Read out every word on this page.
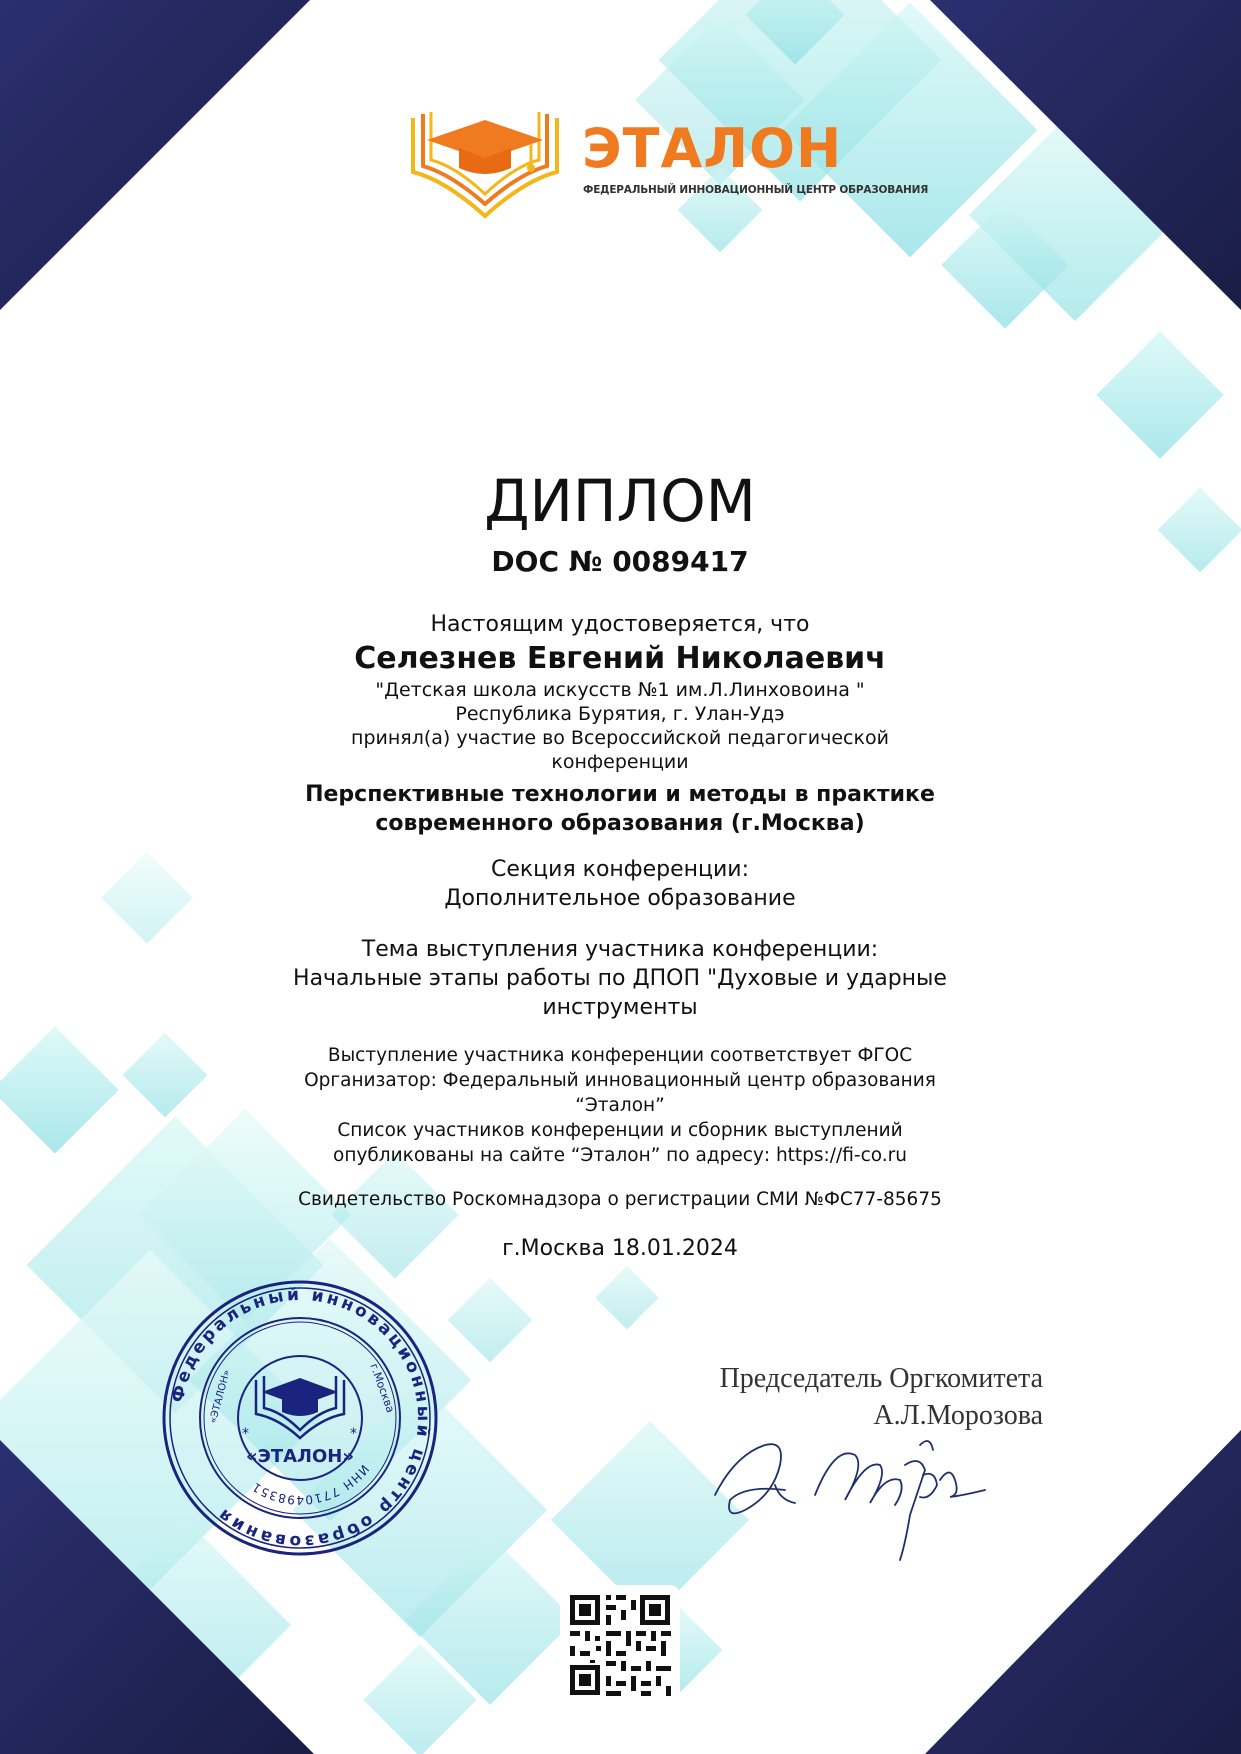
ЭТАЛОН
ФЕДЕРАЛЬНЫЙ ИННОВАЦИОННЫЙ ЦЕНТР ОБРАЗОВАНИЯ
ДИПЛОМ
DOC № 0089417
Настоящим удостоверяется, что
Селезнев Евгений Николаевич
"Детская школа искусств №1 им.Л.Линховоина "
Республика Бурятия, г. Улан-Удэ
принял(а) участие во Всероссийской педагогической
конференции
Перспективные технологии и методы в практике
современного образования (г.Москва)
Секция конференции:
Дополнительное образование
Тема выступления участника конференции:
Начальные этапы работы по ДПОП "Духовые и ударные
инструменты
Выступление участника конференции соответствует ФГОС
Организатор: Федеральный инновационный центр образования
“Эталон”
Список участников конференции и сборник выступлений
опубликованы на сайте “Эталон” по адресу: https://fi-co.ru
Свидетельство Роскомнадзора о регистрации СМИ №ФС77-85675
г.Москва 18.01.2024
Председатель Оргкомитета
А.Л.Морозова
Федеральный инновационный центр образования
ИНН 7710498351
г.Москва
«ЭТАЛОН»
«ЭТАЛОН»
*	*
